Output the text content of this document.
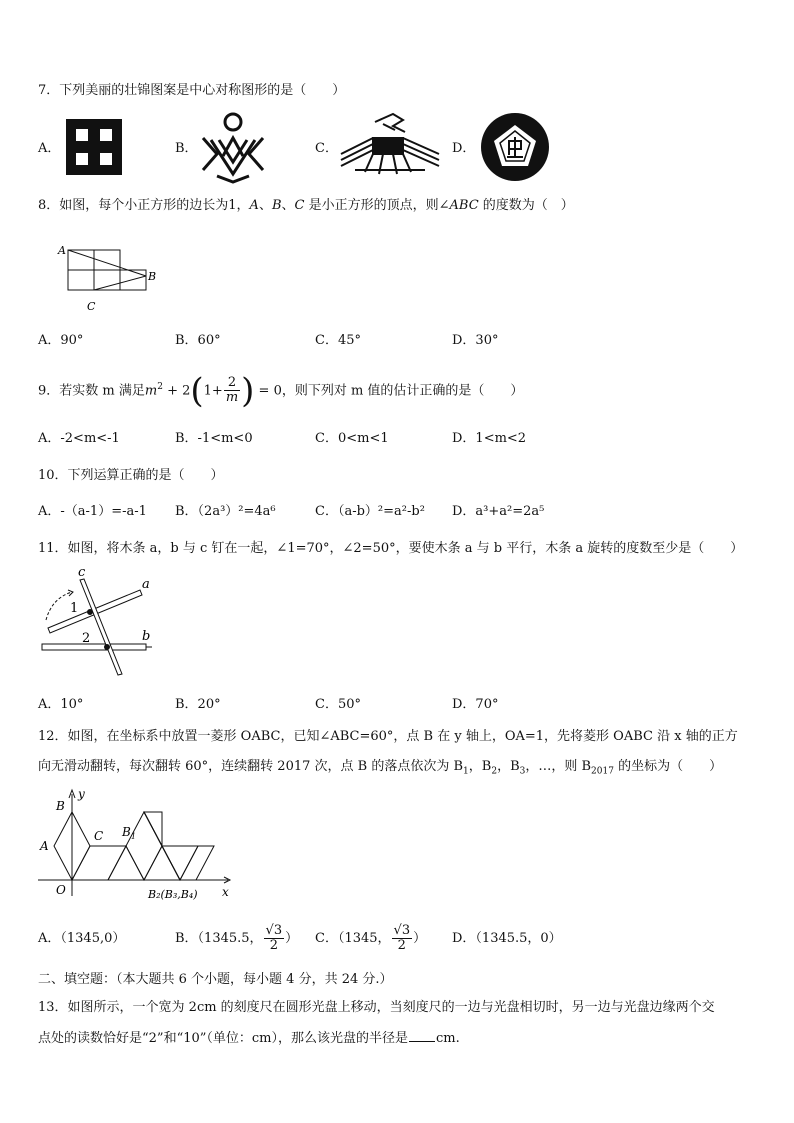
7．下列美丽的壮锦图案是中心对称图形的是（　　）
A．	B．	C．	D．
8．如图，每个小正方形的边长为1，A、B、C 是小正方形的顶点，则∠ABC 的度数为（　）
A
B
C
A．90°	B．60°	C．45°	D．30°
9．若实数 m 满足$m^2 + 2(1+ \frac{2}{m}$ ) = 0，则下列对 m 值的估计正确的是（　　）
A．-2<m<-1	B．-1<m<0	C．0<m<1	D．1<m<2
10．下列运算正确的是（　　）
A．-（a-1）=-a-1 B．（2a³）²=4a⁶	C．（a-b）²=a²-b² D．a³+a²=2a⁵
11．如图，将木条 a，b 与 c 钉在一起，∠1=70°，∠2=50°，要使木条 a 与 b 平行，木条 a 旋转的度数至少是（　　）
c
a
b
1
2
A．10°	B．20°	C．50°	D．70°
12．如图，在坐标系中放置一菱形 OABC，已知∠ABC=60°，点 B 在 y 轴上，OA=1，先将菱形 OABC 沿 x 轴的正方
向无滑动翻转，每次翻转 60°，连续翻转 2017 次，点 B 的落点依次为 $B_1$，$B_2$，$B_3$，…，则 $B_{2017}$ 的坐标为（　　）
B
y
A
C $B_1$
O	x
B₂(B₃,B₄)
A．（1345,0）	B．（1345.5， $\frac{√3}{2}$ ） C．（1345， $\frac{√3}{2}$ ） D．（1345.5，0）
二、填空题：（本大题共 6 个小题，每小题 4 分，共 24 分.）
13．如图所示，一个宽为 2cm 的刻度尺在圆形光盘上移动，当刻度尺的一边与光盘相切时，另一边与光盘边缘两个交
点处的读数恰好是“2”和“10”（单位：cm），那么该光盘的半径是 cm.
